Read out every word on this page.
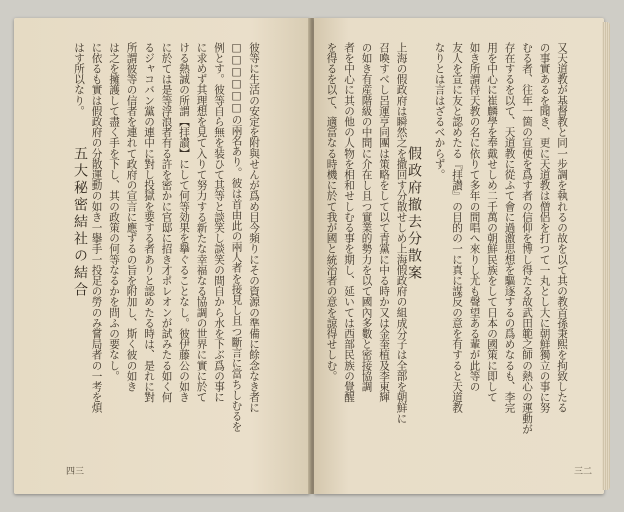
彼等に生活の安定を附與せんが爲め目今頻りにその資源の準備に餘念なき者に
□□□□□□の兩名あり。彼は首由此の兩人者を接見し且つ斷言に當ちしむるを
例とす。彼等自ら無を装ひて其等と談笑し談笑の間自から水を下ぶ爲の事に
に求めず其理想を見て入りて努力する新たな幸福なる協調の世界に實に於て
ける熱誠の所謂【拝讃】にして何等効果を擧ぐることなし。彼伊藤公の如き
に於ては是等浮浪者有る許を密かに官邸に招き才ポレオンが試みたる如く何
るジャコバン黨の連中に對し投獄を要する者ありと認めたる時は、是れに對
所謂彼等の信者を連れて政府の宣言に應ずるの旨を附加し、斯く彼の如き
は之を擁護して盡く手を下し、其の政策の何等なるかを問ふの要なし。
に依るも實は假政府の分散運動の如き一擧手一投足の勞のみ嘗局者の一考を煩
はす所以なり。
五大秘密結社の結合
四三
又天道教が基督教と同一步調を執れるの故を以て其の教首孫秉熙を拘致したる
の事實あるを聞き、更に天道教は僧侶を打つて一丸とし大に朝鮮獨立の事に努
むる者、往年一箇の宣使を爲す者の信仰を博し得たる故武田範之師の熱心の運動が
存在するを以て、天道教に從ふて會に過激思想を驅逐するの爲めなるも、李完
用を中心に崔麟學を奉戴せしめ二千萬の朝鮮民族をして日本の國策に即して
如き所謂侍天教の名に依りて多年の間唱へ來りし尤も聲望ある輩が此等の
友人を宣に友と認めたる『拝讃』の目的の一に真に謀反の意を有すると天道教
なりとは言はざるべからず。
假政府撤去分散案
上海の假政府は瞬然之を撤回す分散せしめ上海假政府の組成分子は全部を朝鮮に
召喚すべし呂運亨同團は策略をして以て青黨に中る時か又は金奎植及李東輝
の如き有産階級の中間に介在し且つ實業的勢力を以て國內多數と密接協調
者を中心に其の他の人物を相和せしむる事を期し、延いては西部民族の覺醒
を得るを以て、適當なる時機に於て我が國と統治者の意を諒得せしむ。
三二
